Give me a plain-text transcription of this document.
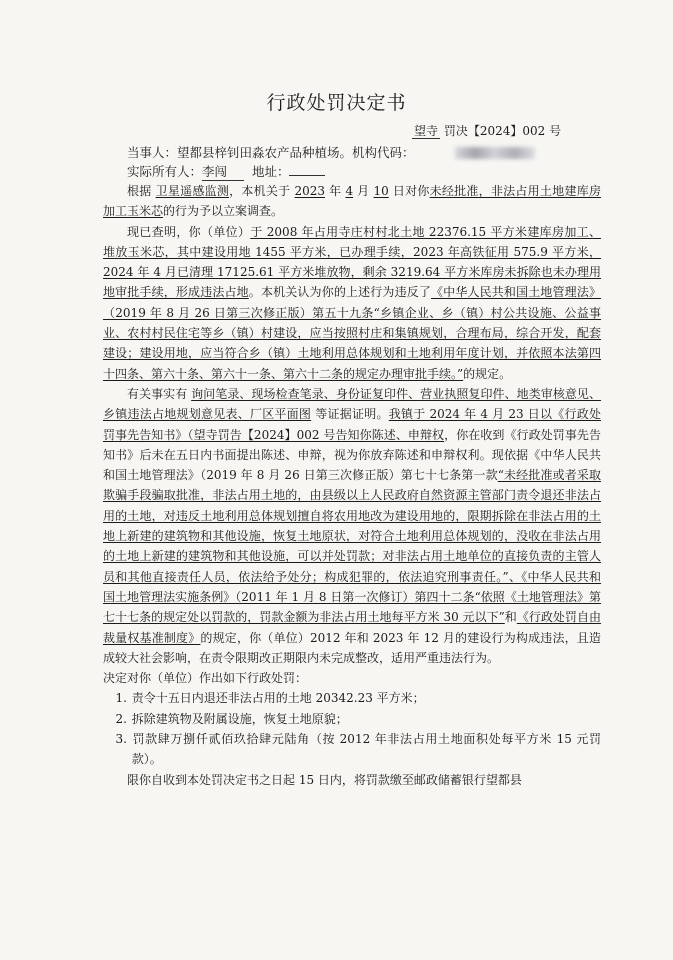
行政处罚决定书
望寺 罚决【2024】002 号
当事人：望都县梓钊田淼农产品种植场。机构代码：
实际所有人：李闯 地址：

根据 卫星遥感监测，本机关于 2023 年 4 月 10 日对你未经批准，非法占用土地建库房加工玉米芯的行为予以立案调查。

现已查明，你（单位）于 2008 年占用寺庄村村北土地 22376.15 平方米建库房加工、堆放玉米芯，其中建设用地 1455 平方米，已办理手续，2023 年高铁征用 575.9 平方米，2024 年 4 月已清理 17125.61 平方米堆放物，剩余 3219.64 平方米库房未拆除也未办理用地审批手续，形成违法占地。本机关认为你的上述行为违反了《中华人民共和国土地管理法》（2019 年 8 月 26 日第三次修正版）第五十九条“乡镇企业、乡（镇）村公共设施、公益事业、农村村民住宅等乡（镇）村建设，应当按照村庄和集镇规划，合理布局，综合开发，配套建设；建设用地，应当符合乡（镇）土地利用总体规划和土地利用年度计划，并依照本法第四十四条、第六十条、第六十一条、第六十二条的规定办理审批手续。”的规定。

有关事实有 询问笔录、现场检查笔录、身份证复印件、营业执照复印件、地类审核意见、乡镇违法占地规划意见表、厂区平面图 等证据证明。我镇于 2024 年 4 月 23 日以《行政处罚事先告知书》（望寺罚告【2024】002 号告知你陈述、申辩权，你在收到《行政处罚事先告知书》后未在五日内书面提出陈述、申辩，视为你放弃陈述和申辩权利。现依据《中华人民共和国土地管理法》（2019 年 8 月 26 日第三次修正版）第七十七条第一款“未经批准或者采取欺骗手段骗取批准，非法占用土地的，由县级以上人民政府自然资源主管部门责令退还非法占用的土地，对违反土地利用总体规划擅自将农用地改为建设用地的，限期拆除在非法占用的土地上新建的建筑物和其他设施，恢复土地原状，对符合土地利用总体规划的，没收在非法占用的土地上新建的建筑物和其他设施，可以并处罚款；对非法占用土地单位的直接负责的主管人员和其他直接责任人员，依法给予处分；构成犯罪的，依法追究刑事责任。”、《中华人民共和国土地管理法实施条例》（2011 年 1 月 8 日第一次修订）第四十二条“依照《土地管理法》第七十七条的规定处以罚款的，罚款金额为非法占用土地每平方米 30 元以下”和《行政处罚自由裁量权基准制度》的规定，你（单位）2012 年和 2023 年 12 月的建设行为构成违法，且造成较大社会影响，在责令限期改正期限内未完成整改，适用严重违法行为。

决定对你（单位）作出如下行政处罚：
1. 责令十五日内退还非法占用的土地 20342.23 平方米；
2. 拆除建筑物及附属设施，恢复土地原貌；
3. 罚款肆万捌仟贰佰玖拾肆元陆角（按 2012 年非法占用土地面积处每平方米 15 元罚款）。

限你自收到本处罚决定书之日起 15 日内，将罚款缴至邮政储蓄银行望都县
